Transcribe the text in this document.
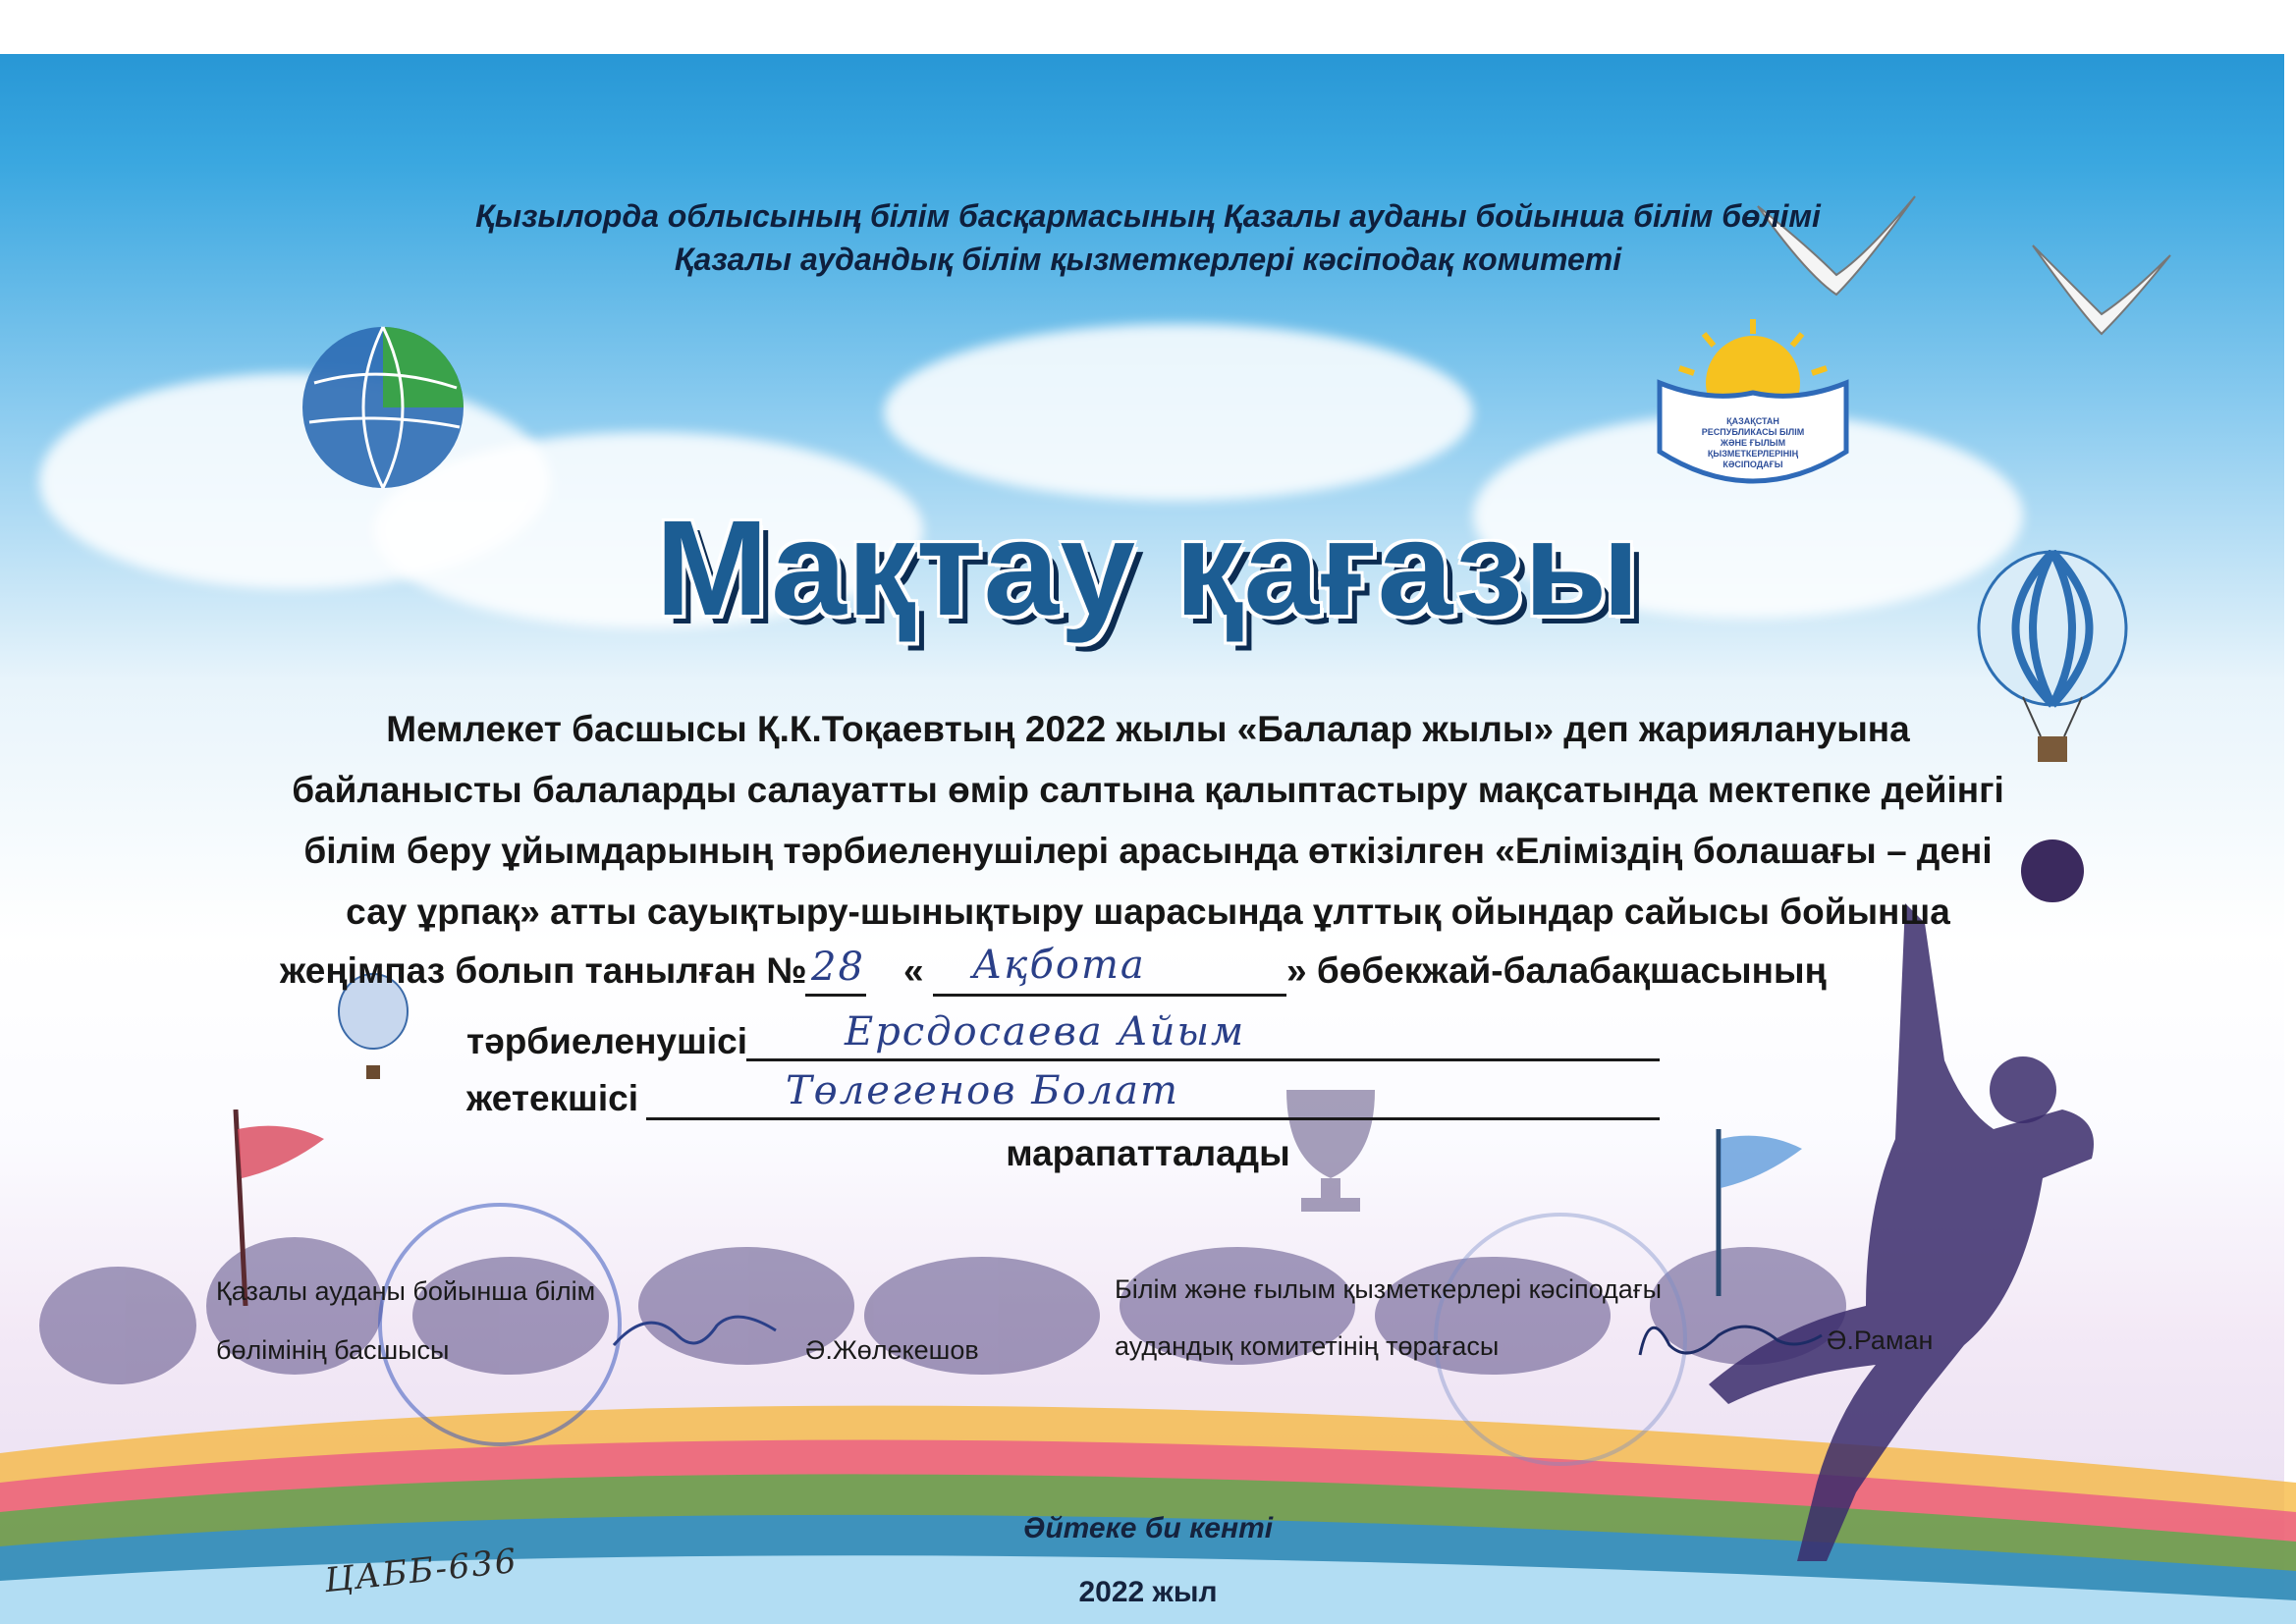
Қызылорда облысының білім басқармасының Қазалы ауданы бойынша білім бөлімі

Қазалы аудандық білім қызметкерлері кәсіподақ комитеті

ҚАЗАҚСТАН РЕСПУБЛИКАСЫ БІЛІМ ЖӘНЕ ҒЫЛЫМ ҚЫЗМЕТКЕРЛЕРІНІҢ КӘСІПОДАҒЫ
Мақтау қағазы

Мемлекет басшысы Қ.К.Тоқаевтың 2022 жылы «Балалар жылы» деп жариялануына

байланысты балаларды салауатты өмір салтына қалыптастыру мақсатында мектепке дейінгі

білім беру ұйымдарының тәрбиеленушілері арасында өткізілген «Еліміздің болашағы – дені

сау ұрпақ» атты сауықтыру-шынықтыру шарасында ұлттық ойындар сайысы бойынша

жеңімпаз болып танылған № 28 « Ақбота	» бөбекжай-балабақшасының

тәрбиеленушісі Ерсдосаева Айым

жетекшісі	Төлегенов Болат

марапатталады

Қазалы ауданы бойынша білім

бөлімінің басшысы	Ә.Жөлекешов

Білім және ғылым қызметкерлері кәсіподағы

аудандық комитетінің төрағасы	Ә.Раман

Әйтеке би кенті

2022 жыл

ЦАББ-636
